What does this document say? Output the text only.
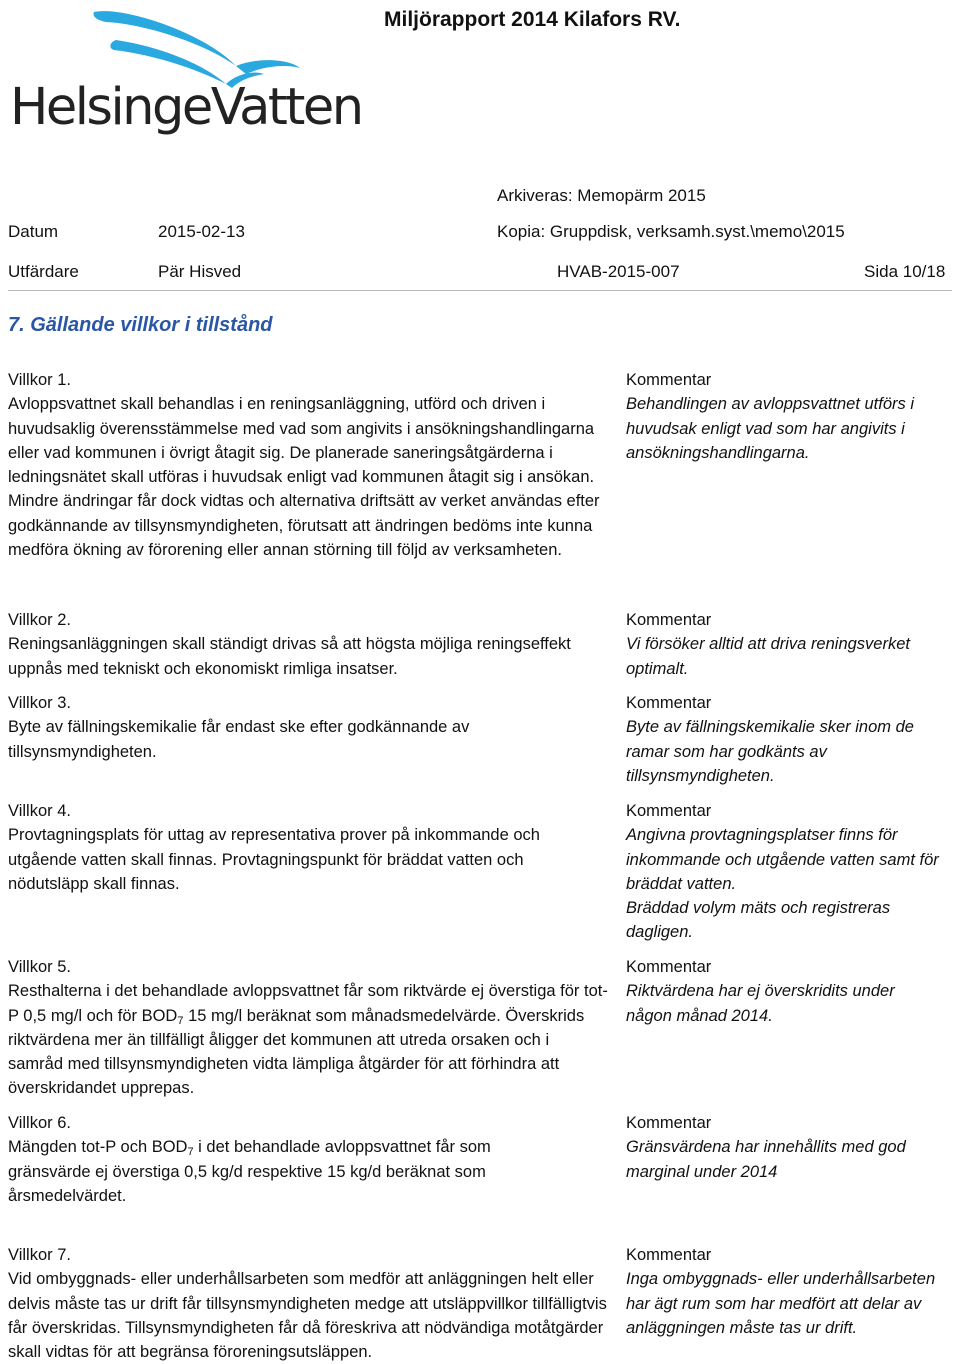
HelsingeVatten
Miljörapport 2014 Kilafors RV.
Arkiveras: Memopärm 2015
Datum	2015-02-13	Kopia: Gruppdisk, verksamh.syst.\memo\2015
Utfärdare	Pär Hisved	HVAB-2015-007	Sida 10/18
7. Gällande villkor i tillstånd
Villkor 1.
Avloppsvattnet skall behandlas i en reningsanläggning, utförd och driven i huvudsaklig överensstämmelse med vad som angivits i ansökningshandlingarna eller vad kommunen i övrigt åtagit sig. De planerade saneringsåtgärderna i ledningsnätet skall utföras i huvudsak enligt vad kommunen åtagit sig i ansökan. Mindre ändringar får dock vidtas och alternativa driftsätt av verket användas efter godkännande av tillsynsmyndigheten, förutsatt att ändringen bedöms inte kunna medföra ökning av förorening eller annan störning till följd av verksamheten.
Kommentar
Behandlingen av avloppsvattnet utförs i huvudsak enligt vad som har angivits i ansökningshandlingarna.
Villkor 2.
Reningsanläggningen skall ständigt drivas så att högsta möjliga reningseffekt uppnås med tekniskt och ekonomiskt rimliga insatser.
Kommentar
Vi försöker alltid att driva reningsverket optimalt.
Villkor 3.
Byte av fällningskemikalie får endast ske efter godkännande av tillsynsmyndigheten.
Kommentar
Byte av fällningskemikalie sker inom de ramar som har godkänts av tillsynsmyndigheten.
Villkor 4.
Provtagningsplats för uttag av representativa prover på inkommande och utgående vatten skall finnas. Provtagningspunkt för bräddat vatten och nödutsläpp skall finnas.
Kommentar
Angivna provtagningsplatser finns för inkommande och utgående vatten samt för bräddat vatten.
Bräddad volym mäts och registreras dagligen.
Villkor 5.
Resthalterna i det behandlade avloppsvattnet får som riktvärde ej överstiga för tot-P 0,5 mg/l och för $BOD_7$ 15 mg/l beräknat som månadsmedelvärde. Överskrids riktvärdena mer än tillfälligt åligger det kommunen att utreda orsaken och i samråd med tillsynsmyndigheten vidta lämpliga åtgärder för att förhindra att överskridandet upprepas.
Kommentar
Riktvärdena har ej överskridits under någon månad 2014.
Villkor 6.
Mängden tot-P och $BOD_7$ i det behandlade avloppsvattnet får som gränsvärde ej överstiga 0,5 kg/d respektive 15 kg/d beräknat som årsmedelvärdet.
Kommentar
Gränsvärdena har innehållits med god marginal under 2014
Villkor 7.
Vid ombyggnads- eller underhållsarbeten som medför att anläggningen helt eller delvis måste tas ur drift får tillsynsmyndigheten medge att utsläppvillkor tillfälligtvis får överskridas. Tillsynsmyndigheten får då föreskriva att nödvändiga motåtgärder skall vidtas för att begränsa föroreningsutsläppen.
Kommentar
Inga ombyggnads- eller underhållsarbeten har ägt rum som har medfört att delar av anläggningen måste tas ur drift.
